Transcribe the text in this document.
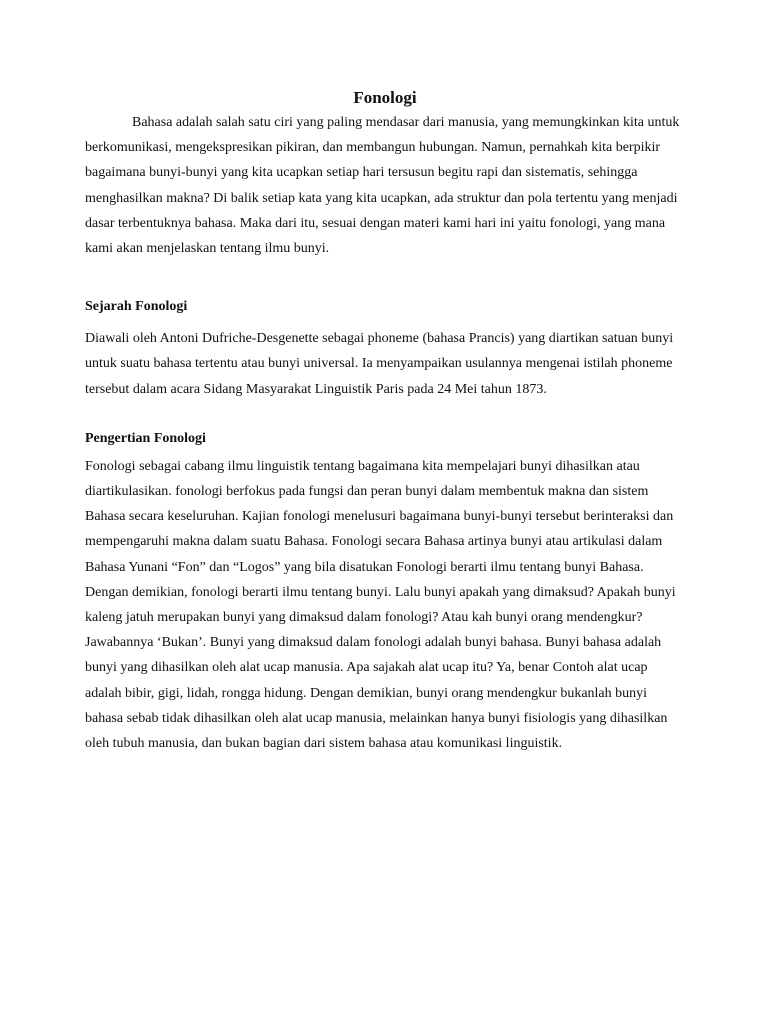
Fonologi

Bahasa adalah salah satu ciri yang paling mendasar dari manusia, yang memungkinkan kita untuk berkomunikasi, mengekspresikan pikiran, dan membangun hubungan. Namun, pernahkah kita berpikir bagaimana bunyi-bunyi yang kita ucapkan setiap hari tersusun begitu rapi dan sistematis, sehingga menghasilkan makna? Di balik setiap kata yang kita ucapkan, ada struktur dan pola tertentu yang menjadi dasar terbentuknya bahasa. Maka dari itu, sesuai dengan materi kami hari ini yaitu fonologi, yang mana kami akan menjelaskan tentang ilmu bunyi.

Sejarah Fonologi

Diawali oleh Antoni Dufriche-Desgenette sebagai phoneme (bahasa Prancis) yang diartikan satuan bunyi untuk suatu bahasa tertentu atau bunyi universal. Ia menyampaikan usulannya mengenai istilah phoneme tersebut dalam acara Sidang Masyarakat Linguistik Paris pada 24 Mei tahun 1873.

Pengertian Fonologi

Fonologi sebagai cabang ilmu linguistik tentang bagaimana kita mempelajari bunyi dihasilkan atau diartikulasikan. fonologi berfokus pada fungsi dan peran bunyi dalam membentuk makna dan sistem Bahasa secara keseluruhan. Kajian fonologi menelusuri bagaimana bunyi-bunyi tersebut berinteraksi dan mempengaruhi makna dalam suatu Bahasa. Fonologi secara Bahasa artinya bunyi atau artikulasi dalam Bahasa Yunani “Fon” dan “Logos” yang bila disatukan Fonologi berarti ilmu tentang bunyi Bahasa. Dengan demikian, fonologi berarti ilmu tentang bunyi. Lalu bunyi apakah yang dimaksud? Apakah bunyi kaleng jatuh merupakan bunyi yang dimaksud dalam fonologi? Atau kah bunyi orang mendengkur? Jawabannya ‘Bukan’. Bunyi yang dimaksud dalam fonologi adalah bunyi bahasa. Bunyi bahasa adalah bunyi yang dihasilkan oleh alat ucap manusia. Apa sajakah alat ucap itu? Ya, benar Contoh alat ucap adalah bibir, gigi, lidah, rongga hidung. Dengan demikian, bunyi orang mendengkur bukanlah bunyi bahasa sebab tidak dihasilkan oleh alat ucap manusia, melainkan hanya bunyi fisiologis yang dihasilkan oleh tubuh manusia, dan bukan bagian dari sistem bahasa atau komunikasi linguistik.
